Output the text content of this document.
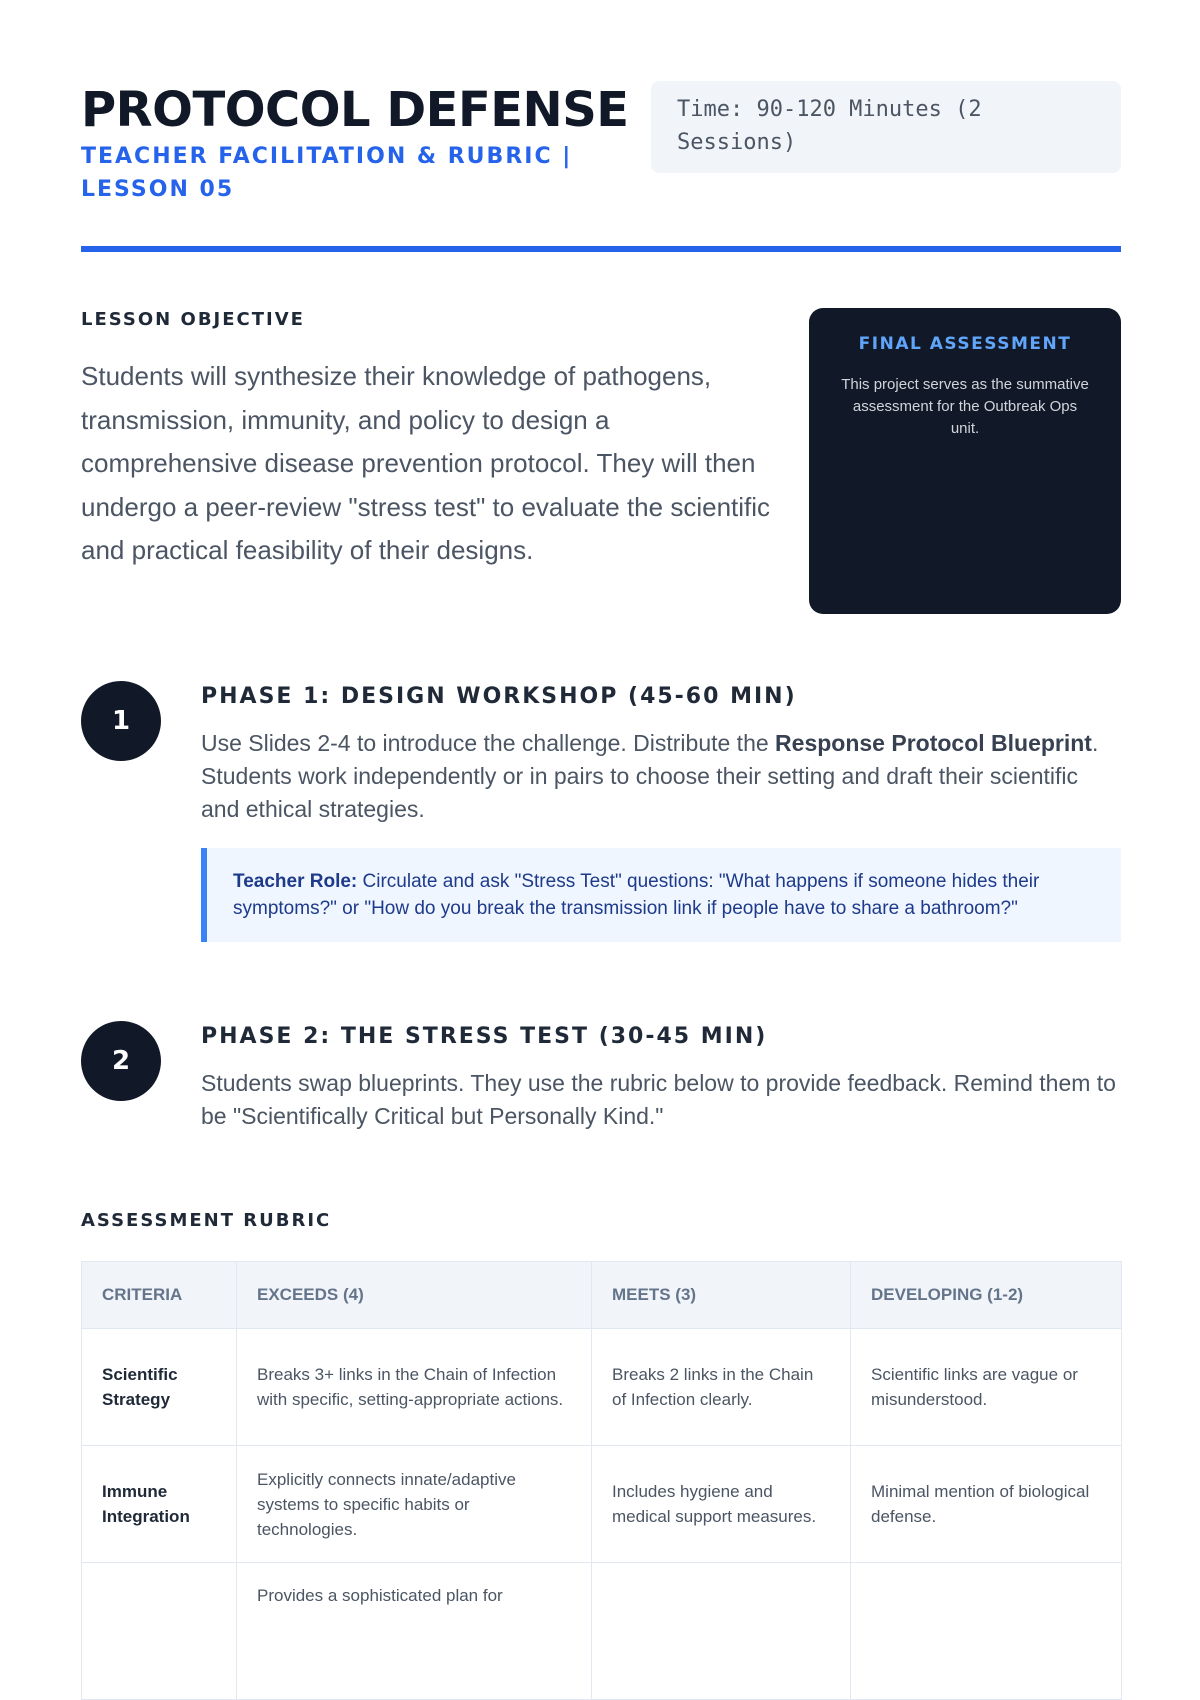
PROTOCOL DEFENSE
TEACHER FACILITATION & RUBRIC | LESSON 05
Time: 90-120 Minutes (2 Sessions)
LESSON OBJECTIVE

Students will synthesize their knowledge of pathogens, transmission, immunity, and policy to design a comprehensive disease prevention protocol. They will then undergo a peer-review "stress test" to evaluate the scientific and practical feasibility of their designs.

FINAL ASSESSMENT
This project serves as the summative assessment for the Outbreak Ops unit.
1
PHASE 1: DESIGN WORKSHOP (45-60 MIN)

Use Slides 2-4 to introduce the challenge. Distribute the Response Protocol Blueprint. Students work independently or in pairs to choose their setting and draft their scientific and ethical strategies.

Teacher Role: Circulate and ask "Stress Test" questions: "What happens if someone hides their symptoms?" or "How do you break the transmission link if people have to share a bathroom?"
2
PHASE 2: THE STRESS TEST (30-45 MIN)

Students swap blueprints. They use the rubric below to provide feedback. Remind them to be "Scientifically Critical but Personally Kind."

ASSESSMENT RUBRIC
CRITERIA	EXCEEDS (4)	MEETS (3)	DEVELOPING (1-2)
Scientific Strategy	Breaks 3+ links in the Chain of Infection with specific, setting-appropriate actions.	Breaks 2 links in the Chain of Infection clearly.	Scientific links are vague or misunderstood.
Immune Integration	Explicitly connects innate/adaptive systems to specific habits or technologies.	Includes hygiene and medical support measures.	Minimal mention of biological defense.
	Provides a sophisticated plan for		
